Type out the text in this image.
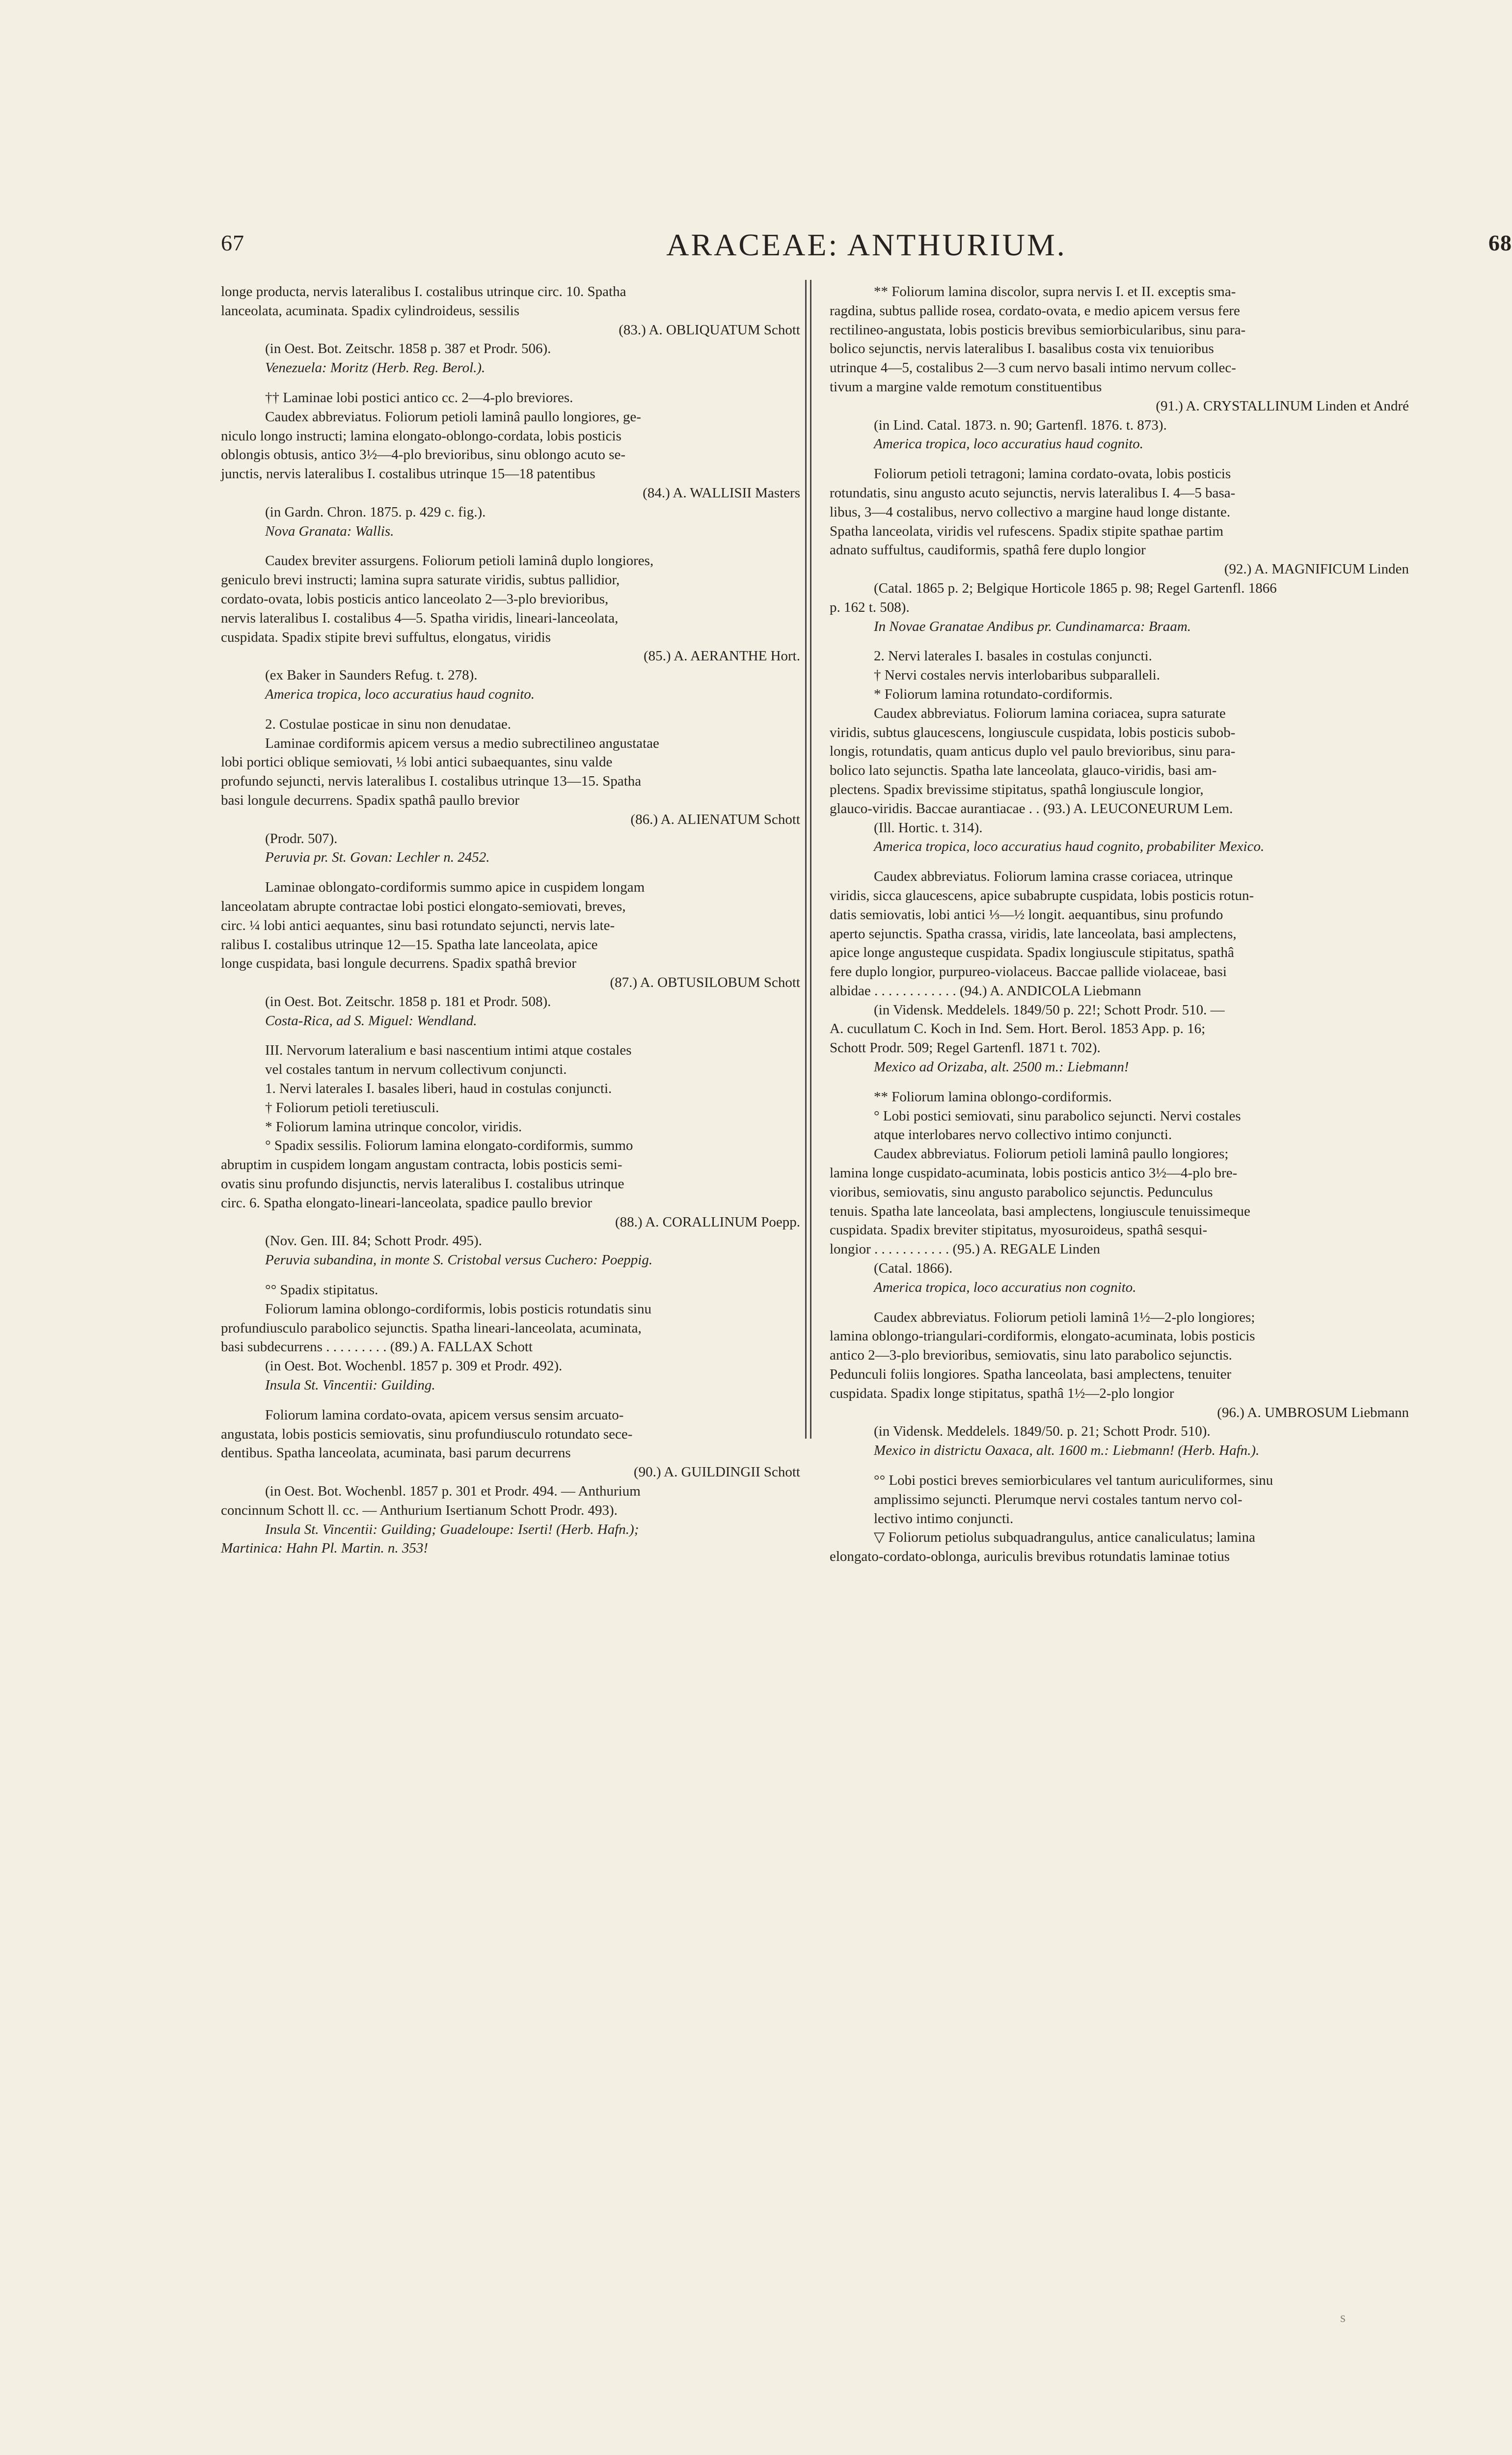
67	ARACEAE: ANTHURIUM.	68

longe producta, nervis lateralibus I. costalibus utrinque circ. 10. Spatha

lanceolata, acuminata. Spadix cylindroideus, sessilis

(83.) A. OBLIQUATUM Schott

(in Oest. Bot. Zeitschr. 1858 p. 387 et Prodr. 506).

Venezuela: Moritz (Herb. Reg. Berol.).

†† Laminae lobi postici antico cc. 2—4-plo breviores.

Caudex abbreviatus. Foliorum petioli laminâ paullo longiores, ge-

niculo longo instructi; lamina elongato-oblongo-cordata, lobis posticis

oblongis obtusis, antico 3½—4-plo brevioribus, sinu oblongo acuto se-

junctis, nervis lateralibus I. costalibus utrinque 15—18 patentibus

(84.) A. WALLISII Masters

(in Gardn. Chron. 1875. p. 429 c. fig.).

Nova Granata: Wallis.

Caudex breviter assurgens. Foliorum petioli laminâ duplo longiores,

geniculo brevi instructi; lamina supra saturate viridis, subtus pallidior,

cordato-ovata, lobis posticis antico lanceolato 2—3-plo brevioribus,

nervis lateralibus I. costalibus 4—5. Spatha viridis, lineari-lanceolata,

cuspidata. Spadix stipite brevi suffultus, elongatus, viridis

(85.) A. AERANTHE Hort.

(ex Baker in Saunders Refug. t. 278).

America tropica, loco accuratius haud cognito.

2. Costulae posticae in sinu non denudatae.

Laminae cordiformis apicem versus a medio subrectilineo angustatae

lobi portici oblique semiovati, ⅓ lobi antici subaequantes, sinu valde

profundo sejuncti, nervis lateralibus I. costalibus utrinque 13—15. Spatha

basi longule decurrens. Spadix spathâ paullo brevior

(86.) A. ALIENATUM Schott

(Prodr. 507).

Peruvia pr. St. Govan: Lechler n. 2452.

Laminae oblongato-cordiformis summo apice in cuspidem longam

lanceolatam abrupte contractae lobi postici elongato-semiovati, breves,

circ. ¼ lobi antici aequantes, sinu basi rotundato sejuncti, nervis late-

ralibus I. costalibus utrinque 12—15. Spatha late lanceolata, apice

longe cuspidata, basi longule decurrens. Spadix spathâ brevior

(87.) A. OBTUSILOBUM Schott

(in Oest. Bot. Zeitschr. 1858 p. 181 et Prodr. 508).

Costa-Rica, ad S. Miguel: Wendland.

III. Nervorum lateralium e basi nascentium intimi atque costales

vel costales tantum in nervum collectivum conjuncti.

1. Nervi laterales I. basales liberi, haud in costulas conjuncti.

† Foliorum petioli teretiusculi.

* Foliorum lamina utrinque concolor, viridis.

° Spadix sessilis. Foliorum lamina elongato-cordiformis, summo

abruptim in cuspidem longam angustam contracta, lobis posticis semi-

ovatis sinu profundo disjunctis, nervis lateralibus I. costalibus utrinque

circ. 6. Spatha elongato-lineari-lanceolata, spadice paullo brevior

(88.) A. CORALLINUM Poepp.

(Nov. Gen. III. 84; Schott Prodr. 495).

Peruvia subandina, in monte S. Cristobal versus Cuchero: Poeppig.

°° Spadix stipitatus.

Foliorum lamina oblongo-cordiformis, lobis posticis rotundatis sinu

profundiusculo parabolico sejunctis. Spatha lineari-lanceolata, acuminata,

basi subdecurrens . . . . . . . . . (89.) A. FALLAX Schott

(in Oest. Bot. Wochenbl. 1857 p. 309 et Prodr. 492).

Insula St. Vincentii: Guilding.

Foliorum lamina cordato-ovata, apicem versus sensim arcuato-

angustata, lobis posticis semiovatis, sinu profundiusculo rotundato sece-

dentibus. Spatha lanceolata, acuminata, basi parum decurrens

(90.) A. GUILDINGII Schott

(in Oest. Bot. Wochenbl. 1857 p. 301 et Prodr. 494. — Anthurium

concinnum Schott ll. cc. — Anthurium Isertianum Schott Prodr. 493).

Insula St. Vincentii: Guilding; Guadeloupe: Iserti! (Herb. Hafn.);

Martinica: Hahn Pl. Martin. n. 353!

** Foliorum lamina discolor, supra nervis I. et II. exceptis sma-

ragdina, subtus pallide rosea, cordato-ovata, e medio apicem versus fere

rectilineo-angustata, lobis posticis brevibus semiorbicularibus, sinu para-

bolico sejunctis, nervis lateralibus I. basalibus costa vix tenuioribus

utrinque 4—5, costalibus 2—3 cum nervo basali intimo nervum collec-

tivum a margine valde remotum constituentibus

(91.) A. CRYSTALLINUM Linden et André

(in Lind. Catal. 1873. n. 90; Gartenfl. 1876. t. 873).

America tropica, loco accuratius haud cognito.

Foliorum petioli tetragoni; lamina cordato-ovata, lobis posticis

rotundatis, sinu angusto acuto sejunctis, nervis lateralibus I. 4—5 basa-

libus, 3—4 costalibus, nervo collectivo a margine haud longe distante.

Spatha lanceolata, viridis vel rufescens. Spadix stipite spathae partim

adnato suffultus, caudiformis, spathâ fere duplo longior

(92.) A. MAGNIFICUM Linden

(Catal. 1865 p. 2; Belgique Horticole 1865 p. 98; Regel Gartenfl. 1866

p. 162 t. 508).

In Novae Granatae Andibus pr. Cundinamarca: Braam.

2. Nervi laterales I. basales in costulas conjuncti.

† Nervi costales nervis interlobaribus subparalleli.

* Foliorum lamina rotundato-cordiformis.

Caudex abbreviatus. Foliorum lamina coriacea, supra saturate

viridis, subtus glaucescens, longiuscule cuspidata, lobis posticis subob-

longis, rotundatis, quam anticus duplo vel paulo brevioribus, sinu para-

bolico lato sejunctis. Spatha late lanceolata, glauco-viridis, basi am-

plectens. Spadix brevissime stipitatus, spathâ longiuscule longior,

glauco-viridis. Baccae aurantiacae . . (93.) A. LEUCONEURUM Lem.

(Ill. Hortic. t. 314).

America tropica, loco accuratius haud cognito, probabiliter Mexico.

Caudex abbreviatus. Foliorum lamina crasse coriacea, utrinque

viridis, sicca glaucescens, apice subabrupte cuspidata, lobis posticis rotun-

datis semiovatis, lobi antici ⅓—½ longit. aequantibus, sinu profundo

aperto sejunctis. Spatha crassa, viridis, late lanceolata, basi amplectens,

apice longe angusteque cuspidata. Spadix longiuscule stipitatus, spathâ

fere duplo longior, purpureo-violaceus. Baccae pallide violaceae, basi

albidae . . . . . . . . . . . . (94.) A. ANDICOLA Liebmann

(in Vidensk. Meddelels. 1849/50 p. 22!; Schott Prodr. 510. —

A. cucullatum C. Koch in Ind. Sem. Hort. Berol. 1853 App. p. 16;

Schott Prodr. 509; Regel Gartenfl. 1871 t. 702).

Mexico ad Orizaba, alt. 2500 m.: Liebmann!

** Foliorum lamina oblongo-cordiformis.

° Lobi postici semiovati, sinu parabolico sejuncti. Nervi costales

atque interlobares nervo collectivo intimo conjuncti.

Caudex abbreviatus. Foliorum petioli laminâ paullo longiores;

lamina longe cuspidato-acuminata, lobis posticis antico 3½—4-plo bre-

vioribus, semiovatis, sinu angusto parabolico sejunctis. Pedunculus

tenuis. Spatha late lanceolata, basi amplectens, longiuscule tenuissimeque

cuspidata. Spadix breviter stipitatus, myosuroideus, spathâ sesqui-

longior . . . . . . . . . . . (95.) A. REGALE Linden

(Catal. 1866).

America tropica, loco accuratius non cognito.

Caudex abbreviatus. Foliorum petioli laminâ 1½—2-plo longiores;

lamina oblongo-triangulari-cordiformis, elongato-acuminata, lobis posticis

antico 2—3-plo brevioribus, semiovatis, sinu lato parabolico sejunctis.

Pedunculi foliis longiores. Spatha lanceolata, basi amplectens, tenuiter

cuspidata. Spadix longe stipitatus, spathâ 1½—2-plo longior

(96.) A. UMBROSUM Liebmann

(in Vidensk. Meddelels. 1849/50. p. 21; Schott Prodr. 510).

Mexico in districtu Oaxaca, alt. 1600 m.: Liebmann! (Herb. Hafn.).

°° Lobi postici breves semiorbiculares vel tantum auriculiformes, sinu

amplissimo sejuncti. Plerumque nervi costales tantum nervo col-

lectivo intimo conjuncti.

▽ Foliorum petiolus subquadrangulus, antice canaliculatus; lamina

elongato-cordato-oblonga, auriculis brevibus rotundatis laminae totius

s
